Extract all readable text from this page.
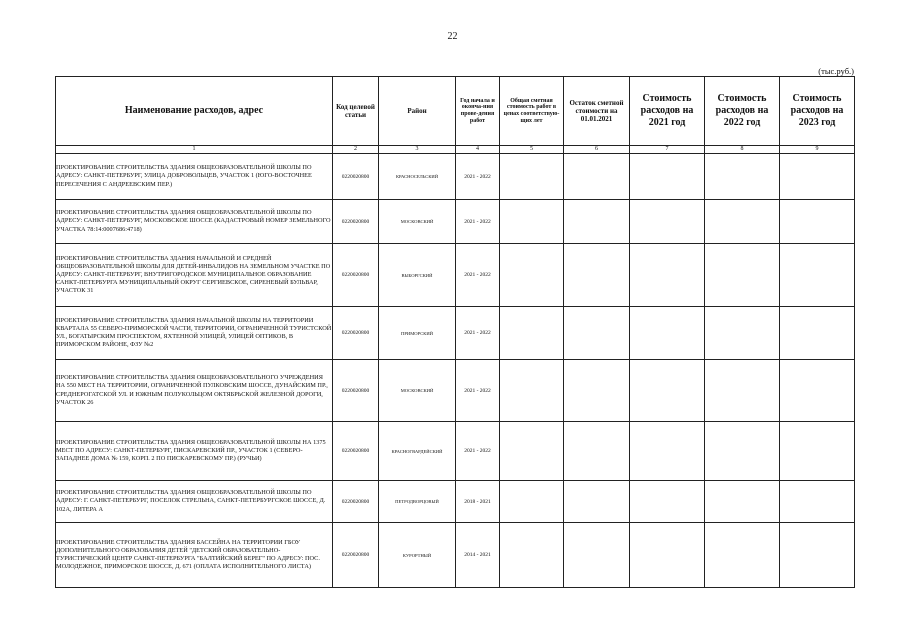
22
(тыс.руб.)
Наименование расходов, адрес	Код целевой статьи	Район	Год начала и оконча-ния прове-дения работ	Общая сметная стоимость работ в ценах соответствую-щих лет	Остаток сметной стоимости на 01.01.2021	Стоимость расходов на 2021 год	Стоимость расходов на 2022 год	Стоимость расходов на 2023 год
1	2	3	4	5	6	7	8	9
ПРОЕКТИРОВАНИЕ СТРОИТЕЛЬСТВА ЗДАНИЯ ОБЩЕОБРАЗОВАТЕЛЬНОЙ ШКОЛЫ ПО АДРЕСУ: САНКТ-ПЕТЕРБУРГ, УЛИЦА ДОБРОВОЛЬЦЕВ, УЧАСТОК 1 (ЮГО-ВОСТОЧНЕЕ ПЕРЕСЕЧЕНИЯ С АНДРЕЕВСКИМ ПЕР.)	0220020800	КРАСНОСЕЛЬСКИЙ	2021 - 2022					
ПРОЕКТИРОВАНИЕ СТРОИТЕЛЬСТВА ЗДАНИЯ ОБЩЕОБРАЗОВАТЕЛЬНОЙ ШКОЛЫ ПО АДРЕСУ: САНКТ-ПЕТЕРБУРГ, МОСКОВСКОЕ ШОССЕ (КАДАСТРОВЫЙ НОМЕР ЗЕМЕЛЬНОГО УЧАСТКА 78:14:0007686:4718)	0220020800	МОСКОВСКИЙ	2021 - 2022					
ПРОЕКТИРОВАНИЕ СТРОИТЕЛЬСТВА ЗДАНИЯ НАЧАЛЬНОЙ И СРЕДНЕЙ ОБЩЕОБРАЗОВАТЕЛЬНОЙ ШКОЛЫ ДЛЯ ДЕТЕЙ-ИНВАЛИДОВ НА ЗЕМЕЛЬНОМ УЧАСТКЕ ПО АДРЕСУ: САНКТ-ПЕТЕРБУРГ, ВНУТРИГОРОДСКОЕ МУНИЦИПАЛЬНОЕ ОБРАЗОВАНИЕ САНКТ-ПЕТЕРБУРГА МУНИЦИПАЛЬНЫЙ ОКРУГ СЕРГИЕВСКОЕ, СИРЕНЕВЫЙ БУЛЬВАР, УЧАСТОК 31	0220020800	ВЫБОРГСКИЙ	2021 - 2022					
ПРОЕКТИРОВАНИЕ СТРОИТЕЛЬСТВА ЗДАНИЯ НАЧАЛЬНОЙ ШКОЛЫ НА ТЕРРИТОРИИ КВАРТАЛА 55 СЕВЕРО-ПРИМОРСКОЙ ЧАСТИ, ТЕРРИТОРИИ, ОГРАНИЧЕННОЙ ТУРИСТСКОЙ УЛ., БОГАТЫРСКИМ ПРОСПЕКТОМ, ЯХТЕННОЙ УЛИЦЕЙ, УЛИЦЕЙ ОПТИКОВ, В ПРИМОРСКОМ РАЙОНЕ, ФЗУ №2	0220020800	ПРИМОРСКИЙ	2021 - 2022					
ПРОЕКТИРОВАНИЕ СТРОИТЕЛЬСТВА ЗДАНИЯ ОБЩЕОБРАЗОВАТЕЛЬНОГО УЧРЕЖДЕНИЯ НА 550 МЕСТ НА ТЕРРИТОРИИ, ОГРАНИЧЕННОЙ ПУЛКОВСКИМ ШОССЕ, ДУНАЙСКИМ ПР., СРЕДНЕРОГАТСКОЙ УЛ. И ЮЖНЫМ ПОЛУКОЛЬЦОМ ОКТЯБРЬСКОЙ ЖЕЛЕЗНОЙ ДОРОГИ, УЧАСТОК 26	0220020800	МОСКОВСКИЙ	2021 - 2022					
ПРОЕКТИРОВАНИЕ СТРОИТЕЛЬСТВА ЗДАНИЯ ОБЩЕОБРАЗОВАТЕЛЬНОЙ ШКОЛЫ НА 1375 МЕСТ ПО АДРЕСУ: САНКТ-ПЕТЕРБУРГ, ПИСКАРЕВСКИЙ ПР., УЧАСТОК 1 (СЕВЕРО-ЗАПАДНЕЕ ДОМА № 159, КОРП. 2 ПО ПИСКАРЕВСКОМУ ПР.) (РУЧЬИ)	0220020800	КРАСНОГВАРДЕЙСКИЙ	2021 - 2022					
ПРОЕКТИРОВАНИЕ СТРОИТЕЛЬСТВА ЗДАНИЯ ОБЩЕОБРАЗОВАТЕЛЬНОЙ ШКОЛЫ ПО АДРЕСУ: Г. САНКТ-ПЕТЕРБУРГ, ПОСЕЛОК СТРЕЛЬНА, САНКТ-ПЕТЕРБУРГСКОЕ ШОССЕ, Д. 102А, ЛИТЕРА А	0220020800	ПЕТРОДВОРЦОВЫЙ	2018 - 2021					
ПРОЕКТИРОВАНИЕ СТРОИТЕЛЬСТВА ЗДАНИЯ БАССЕЙНА НА ТЕРРИТОРИИ ГБОУ ДОПОЛНИТЕЛЬНОГО ОБРАЗОВАНИЯ ДЕТЕЙ "ДЕТСКИЙ ОБРАЗОВАТЕЛЬНО-ТУРИСТИЧЕСКИЙ ЦЕНТР САНКТ-ПЕТЕРБУРГА "БАЛТИЙСКИЙ БЕРЕГ" ПО АДРЕСУ: ПОС. МОЛОДЕЖНОЕ, ПРИМОРСКОЕ ШОССЕ, Д. 671 (ОПЛАТА ИСПОЛНИТЕЛЬНОГО ЛИСТА)	0220020800	КУРОРТНЫЙ	2014 - 2021					
